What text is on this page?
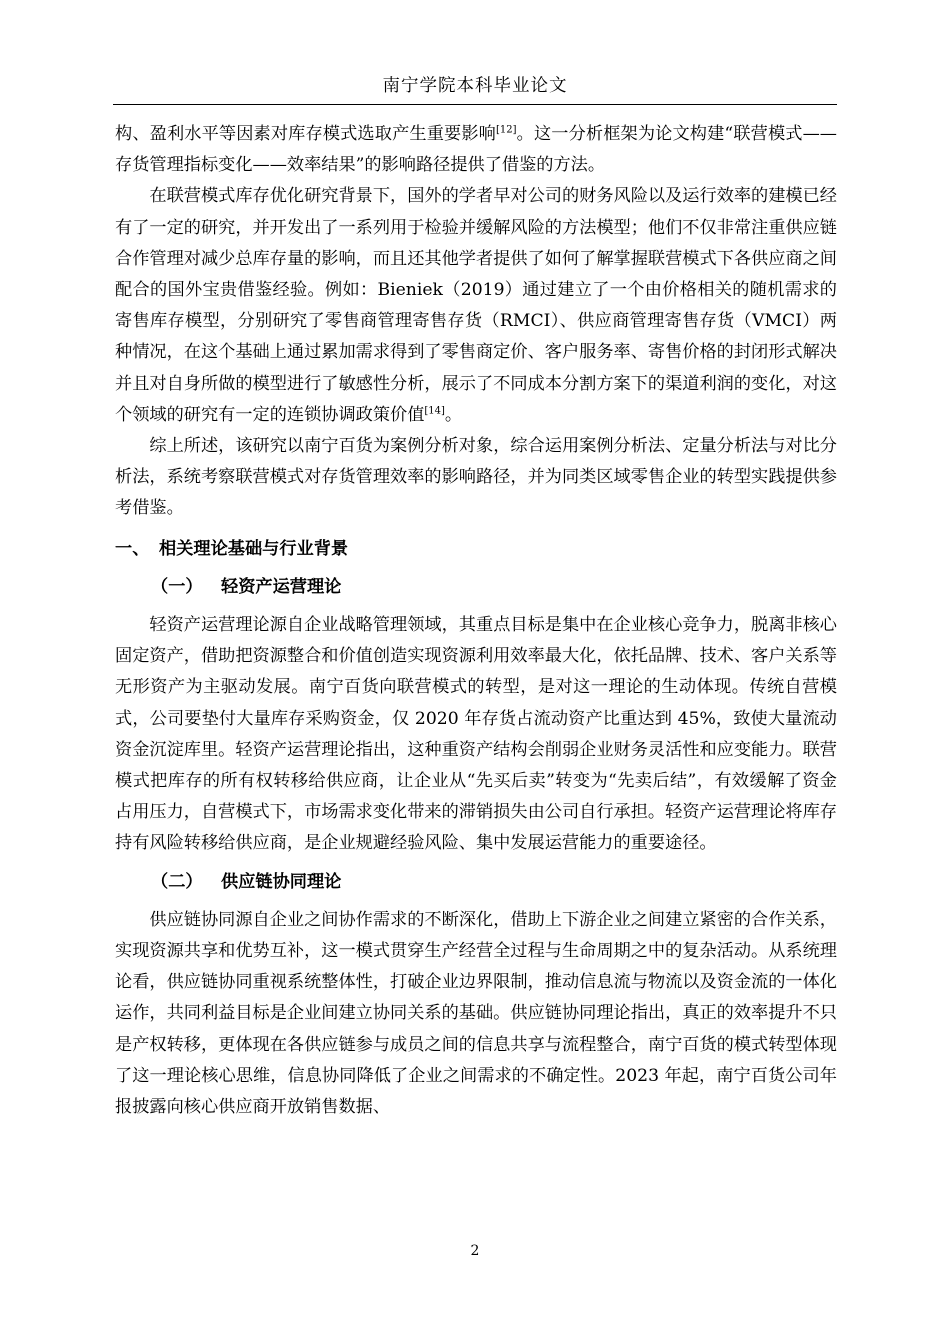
南宁学院本科毕业论文

构、盈利水平等因素对库存模式选取产生重要影响[12]。这一分析框架为论文构建“联营模式——存货管理指标变化——效率结果”的影响路径提供了借鉴的方法。

在联营模式库存优化研究背景下，国外的学者早对公司的财务风险以及运行效率的建模已经有了一定的研究，并开发出了一系列用于检验并缓解风险的方法模型；他们不仅非常注重供应链合作管理对减少总库存量的影响，而且还其他学者提供了如何了解掌握联营模式下各供应商之间配合的国外宝贵借鉴经验。例如：Bieniek（2019）通过建立了一个由价格相关的随机需求的寄售库存模型，分别研究了零售商管理寄售存货（RMCI）、供应商管理寄售存货（VMCI）两种情况，在这个基础上通过累加需求得到了零售商定价、客户服务率、寄售价格的封闭形式解决并且对自身所做的模型进行了敏感性分析，展示了不同成本分割方案下的渠道利润的变化，对这个领域的研究有一定的连锁协调政策价值[14]。

综上所述，该研究以南宁百货为案例分析对象，综合运用案例分析法、定量分析法与对比分析法，系统考察联营模式对存货管理效率的影响路径，并为同类区域零售企业的转型实践提供参考借鉴。

一、 相关理论基础与行业背景
（一） 轻资产运营理论

轻资产运营理论源自企业战略管理领域，其重点目标是集中在企业核心竞争力，脱离非核心固定资产，借助把资源整合和价值创造实现资源利用效率最大化，依托品牌、技术、客户关系等无形资产为主驱动发展。南宁百货向联营模式的转型，是对这一理论的生动体现。传统自营模式，公司要垫付大量库存采购资金，仅 2020 年存货占流动资产比重达到 45%，致使大量流动资金沉淀库里。轻资产运营理论指出，这种重资产结构会削弱企业财务灵活性和应变能力。联营模式把库存的所有权转移给供应商，让企业从“先买后卖”转变为“先卖后结”，有效缓解了资金占用压力，自营模式下，市场需求变化带来的滞销损失由公司自行承担。轻资产运营理论将库存持有风险转移给供应商，是企业规避经验风险、集中发展运营能力的重要途径。

（二） 供应链协同理论

供应链协同源自企业之间协作需求的不断深化，借助上下游企业之间建立紧密的合作关系，实现资源共享和优势互补，这一模式贯穿生产经营全过程与生命周期之中的复杂活动。从系统理论看，供应链协同重视系统整体性，打破企业边界限制，推动信息流与物流以及资金流的一体化运作，共同利益目标是企业间建立协同关系的基础。供应链协同理论指出，真正的效率提升不只是产权转移，更体现在各供应链参与成员之间的信息共享与流程整合，南宁百货的模式转型体现了这一理论核心思维，信息协同降低了企业之间需求的不确定性。2023 年起，南宁百货公司年报披露向核心供应商开放销售数据、

2
